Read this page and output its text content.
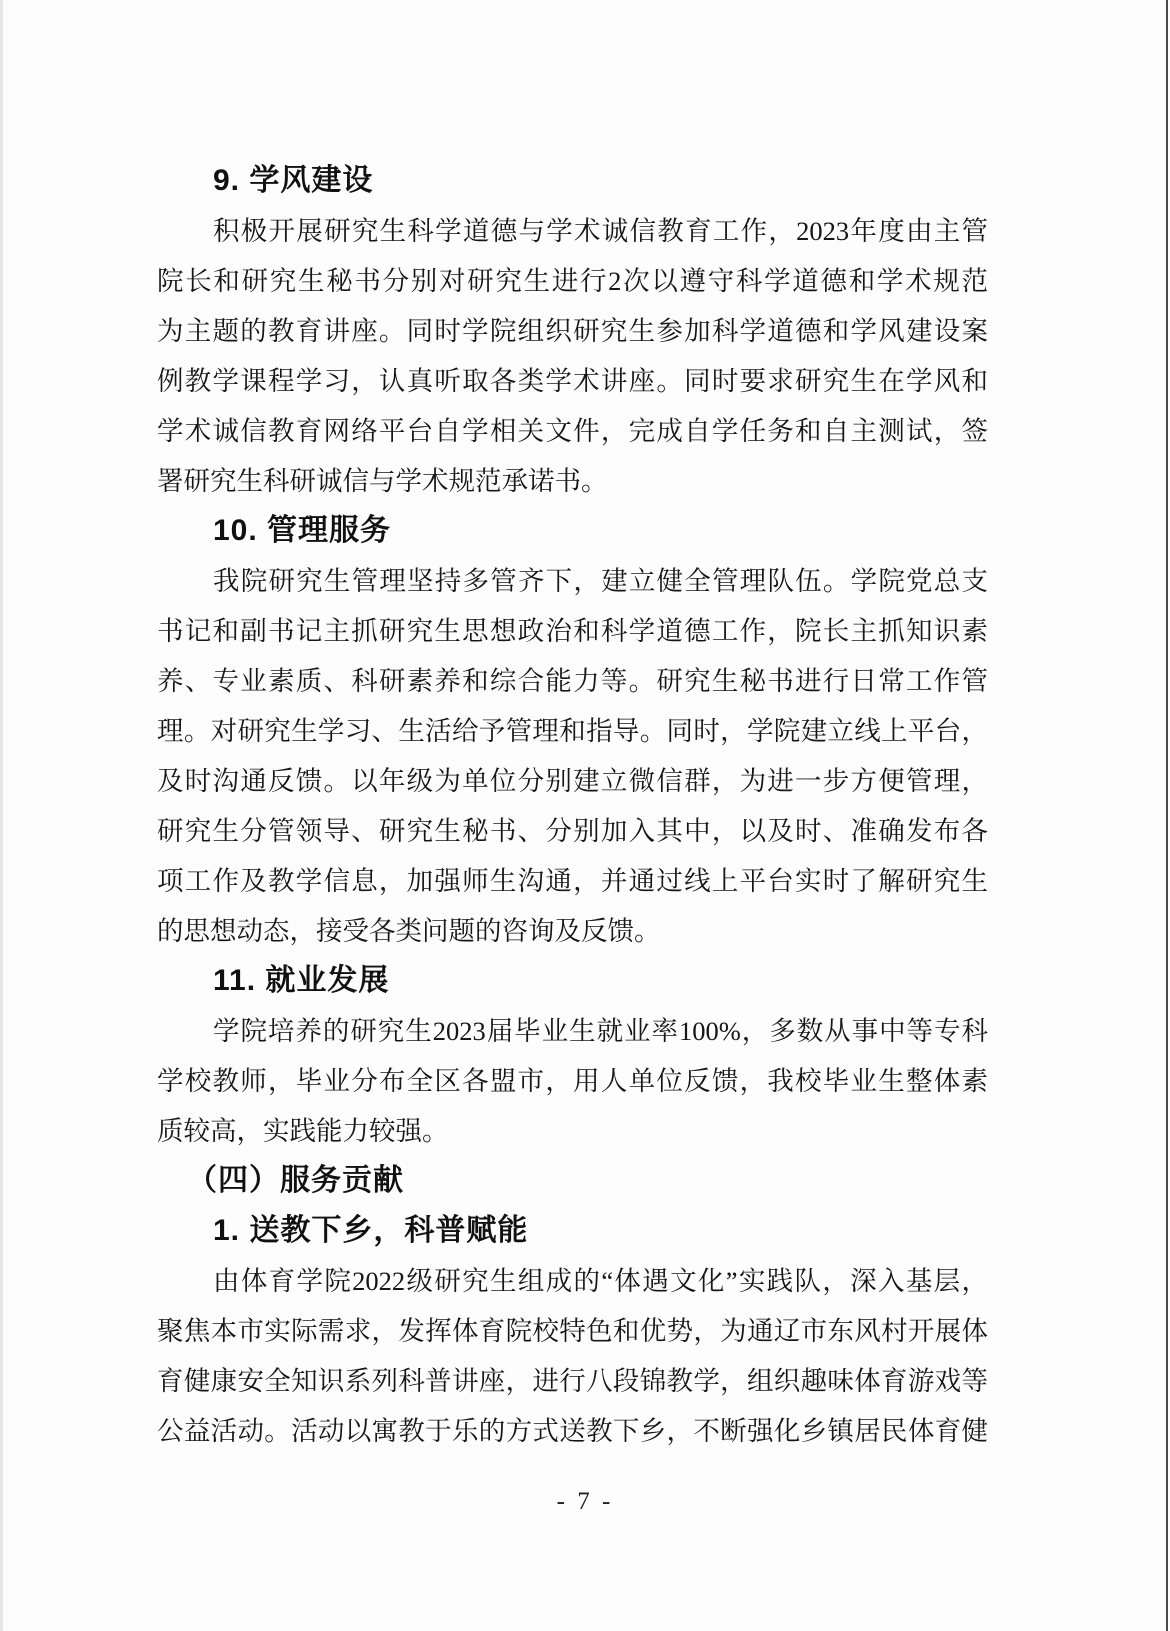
9. 学风建设
积极开展研究生科学道德与学术诚信教育工作，2023年度由主管
院长和研究生秘书分别对研究生进行2次以遵守科学道德和学术规范
为主题的教育讲座。同时学院组织研究生参加科学道德和学风建设案
例教学课程学习，认真听取各类学术讲座。同时要求研究生在学风和
学术诚信教育网络平台自学相关文件，完成自学任务和自主测试，签
署研究生科研诚信与学术规范承诺书。
10. 管理服务
我院研究生管理坚持多管齐下，建立健全管理队伍。学院党总支
书记和副书记主抓研究生思想政治和科学道德工作，院长主抓知识素
养、专业素质、科研素养和综合能力等。研究生秘书进行日常工作管
理。对研究生学习、生活给予管理和指导。同时，学院建立线上平台，
及时沟通反馈。以年级为单位分别建立微信群，为进一步方便管理，
研究生分管领导、研究生秘书、分别加入其中，以及时、准确发布各
项工作及教学信息，加强师生沟通，并通过线上平台实时了解研究生
的思想动态，接受各类问题的咨询及反馈。
11. 就业发展
学院培养的研究生2023届毕业生就业率100%，多数从事中等专科
学校教师，毕业分布全区各盟市，用人单位反馈，我校毕业生整体素
质较高，实践能力较强。
（四）服务贡献
1. 送教下乡，科普赋能
由体育学院2022级研究生组成的“体遇文化”实践队，深入基层，
聚焦本市实际需求，发挥体育院校特色和优势，为通辽市东风村开展体
育健康安全知识系列科普讲座，进行八段锦教学，组织趣味体育游戏等
公益活动。活动以寓教于乐的方式送教下乡，不断强化乡镇居民体育健
- 7 -
